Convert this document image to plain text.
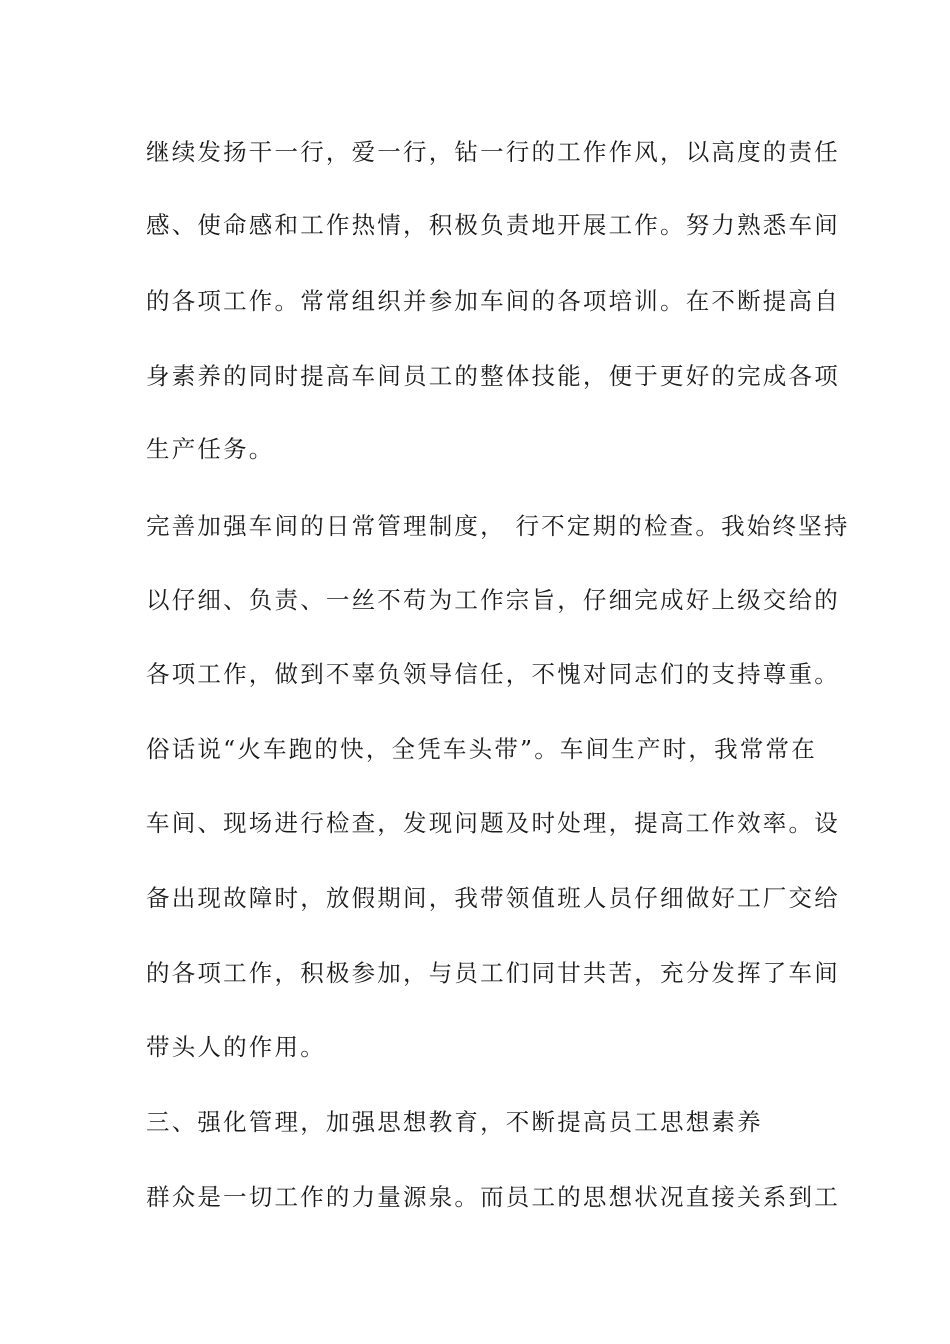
继续发扬干一行，爱一行，钻一行的工作作风，以高度的责任
感、使命感和工作热情，积极负责地开展工作。努力熟悉车间
的各项工作。常常组织并参加车间的各项培训。在不断提高自
身素养的同时提高车间员工的整体技能，便于更好的完成各项
生产任务。
完善加强车间的日常管理制度， 行不定期的检查。我始终坚持
以仔细、负责、一丝不苟为工作宗旨，仔细完成好上级交给的
各项工作，做到不辜负领导信任，不愧对同志们的支持尊重。
俗话说“火车跑的快，全凭车头带”。车间生产时，我常常在
车间、现场进行检查，发现问题及时处理，提高工作效率。设
备出现故障时，放假期间，我带领值班人员仔细做好工厂交给
的各项工作，积极参加，与员工们同甘共苦，充分发挥了车间
带头人的作用。
三、强化管理，加强思想教育，不断提高员工思想素养
群众是一切工作的力量源泉。而员工的思想状况直接关系到工
